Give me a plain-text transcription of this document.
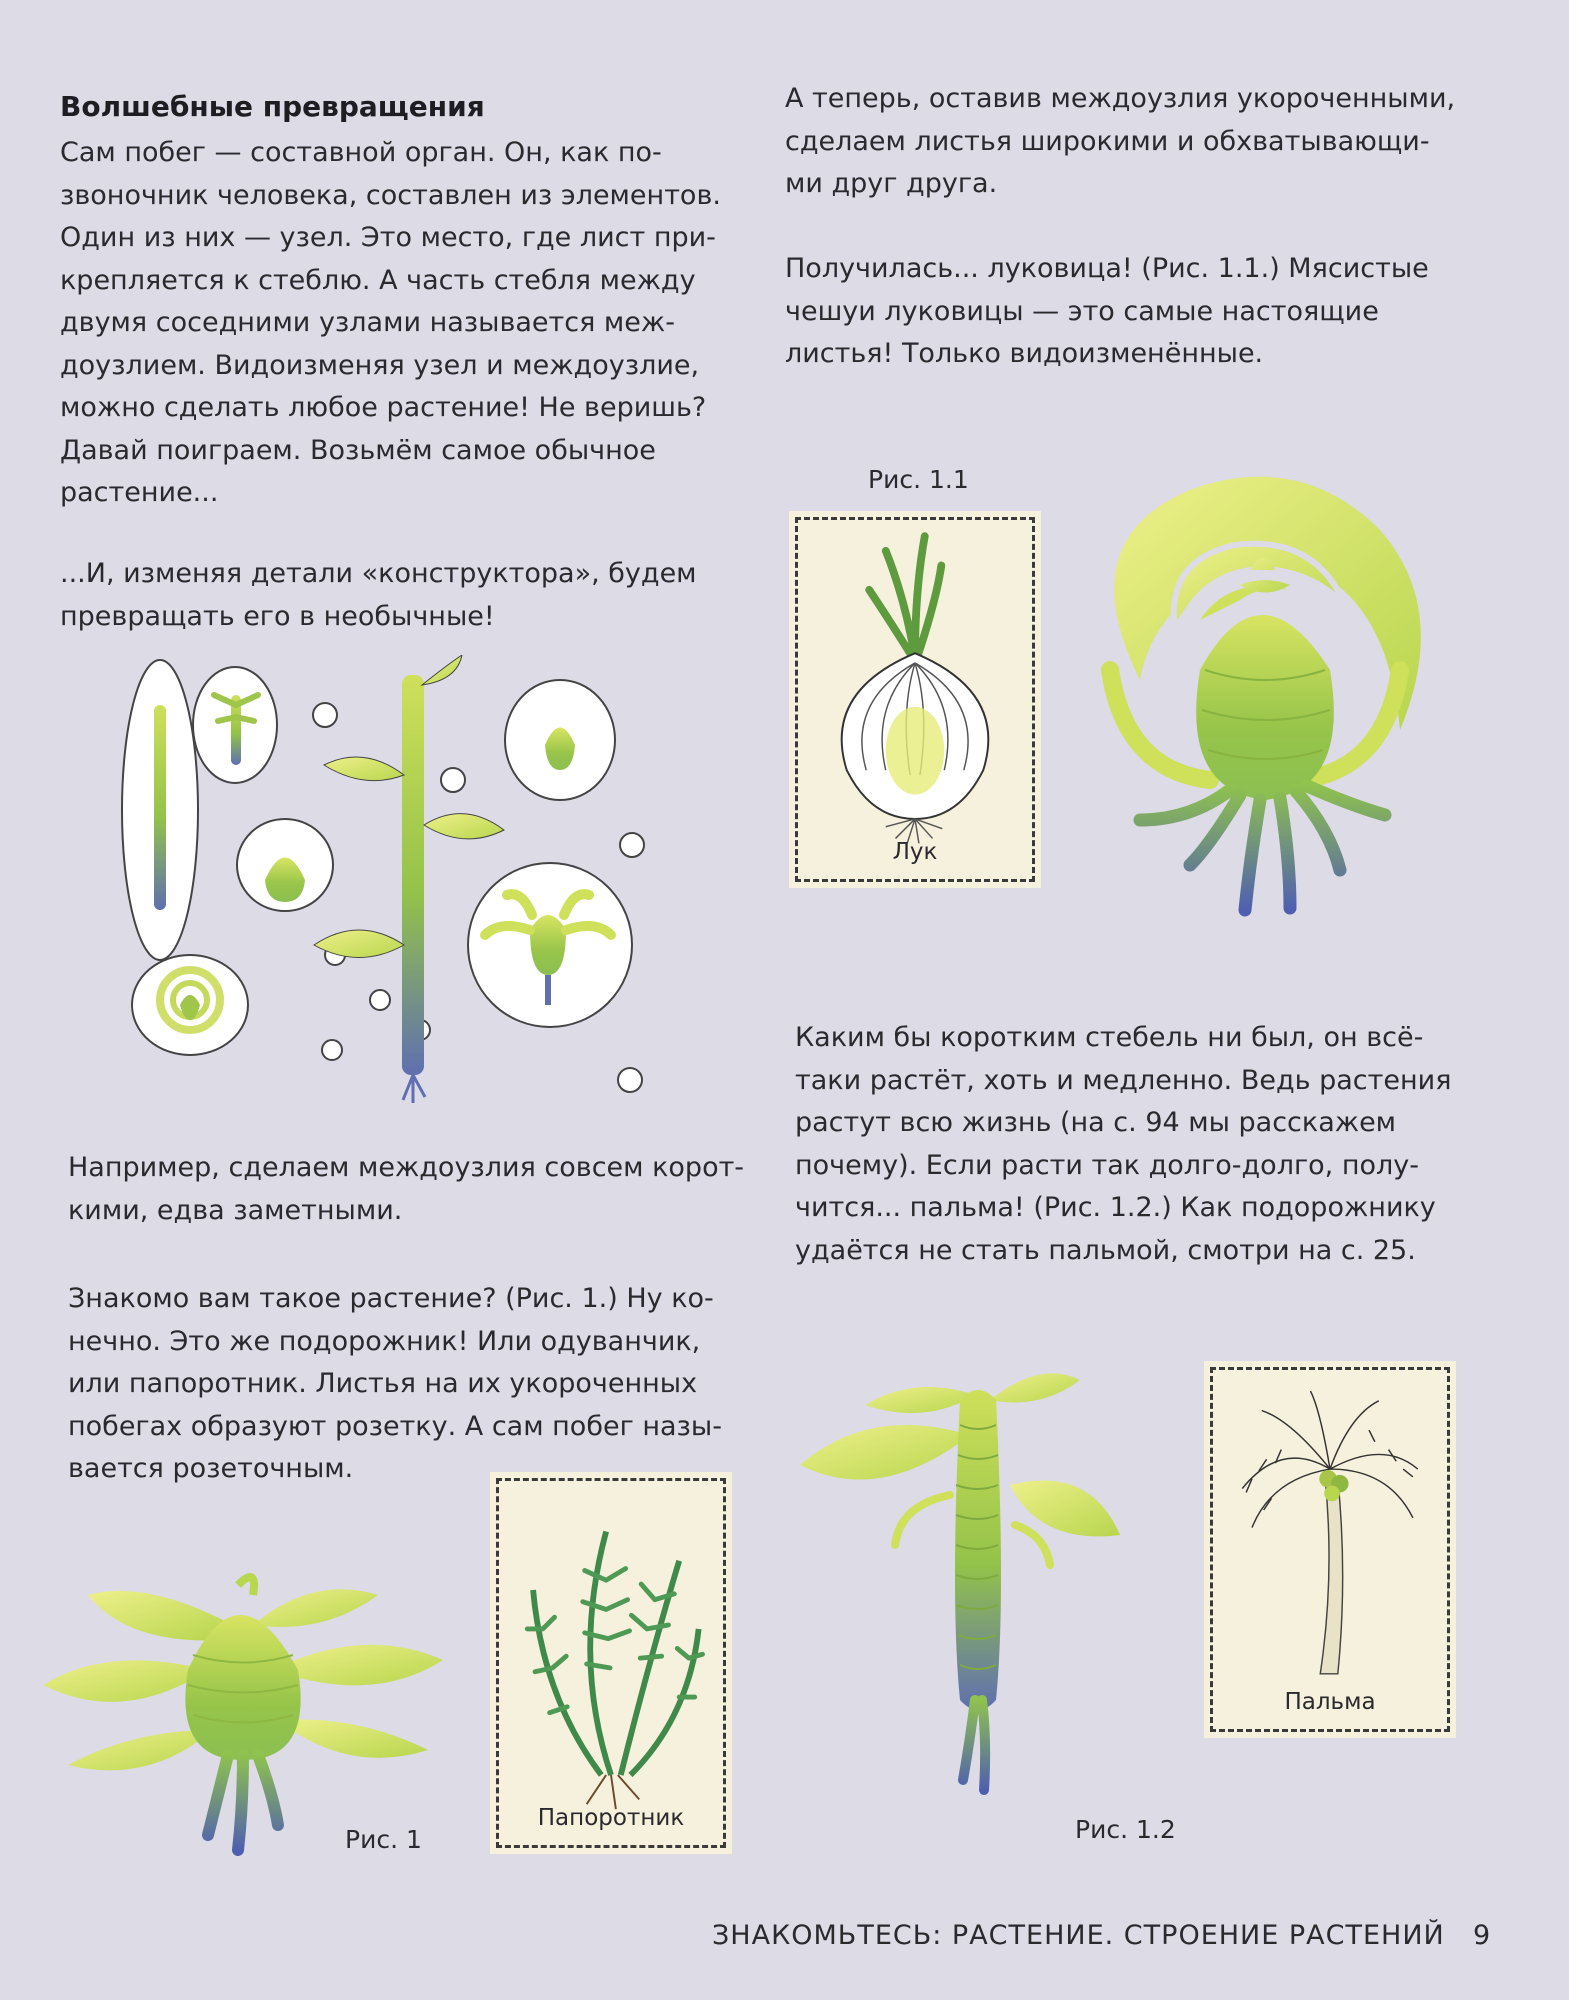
Волшебные превращения

Сам побег — составной орган. Он, как по-
звоночник человека, составлен из элементов.
Один из них — узел. Это место, где лист при-
крепляется к стеблю. А часть стебля между
двумя соседними узлами называется меж-
доузлием. Видоизменяя узел и междоузлие,
можно сделать любое растение! Не веришь?
Давай поиграем. Возьмём самое обычное
растение...

...И, изменяя детали «конструктора», будем
превращать его в необычные!

Например, сделаем междоузлия совсем корот-
кими, едва заметными.

Знакомо вам такое растение? (Рис. 1.) Ну ко-
нечно. Это же подорожник! Или одуванчик,
или папоротник. Листья на их укороченных
побегах образуют розетку. А сам побег назы-
вается розеточным.

Рис. 1
Папоротник

А теперь, оставив междоузлия укороченными,
сделаем листья широкими и обхватывающи-
ми друг друга.

Получилась... луковица! (Рис. 1.1.) Мясистые
чешуи луковицы — это самые настоящие
листья! Только видоизменённые.

Рис. 1.1
Лук

Каким бы коротким стебель ни был, он всё-
таки растёт, хоть и медленно. Ведь растения
растут всю жизнь (на с. 94 мы расскажем
почему). Если расти так долго-долго, полу-
чится... пальма! (Рис. 1.2.) Как подорожнику
удаётся не стать пальмой, смотри на с. 25.

Рис. 1.2
Пальма
ЗНАКОМЬТЕСЬ: РАСТЕНИЕ. СТРОЕНИЕ РАСТЕНИЙ 9
